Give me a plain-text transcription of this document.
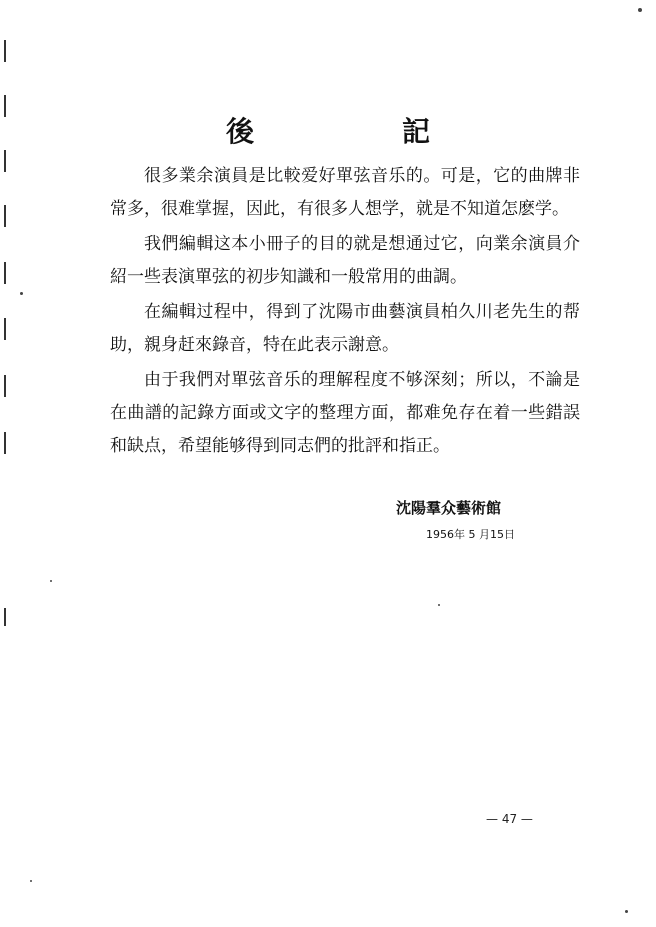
後　記

很多業余演員是比較爱好單弦音乐的。可是，它的曲牌非常多，很难掌握，因此，有很多人想学，就是不知道怎麽学。

我們編輯这本小冊子的目的就是想通过它，向業余演員介紹一些表演單弦的初步知識和一般常用的曲調。

在編輯过程中，得到了沈陽市曲藝演員柏久川老先生的帮助，親身赶來錄音，特在此表示謝意。

由于我們对單弦音乐的理解程度不够深刻；所以，不論是在曲譜的記錄方面或文字的整理方面，都难免存在着一些錯誤和缺点，希望能够得到同志們的批評和指正。

沈陽羣众藝術館
1956年 5 月15日
— 47 —
